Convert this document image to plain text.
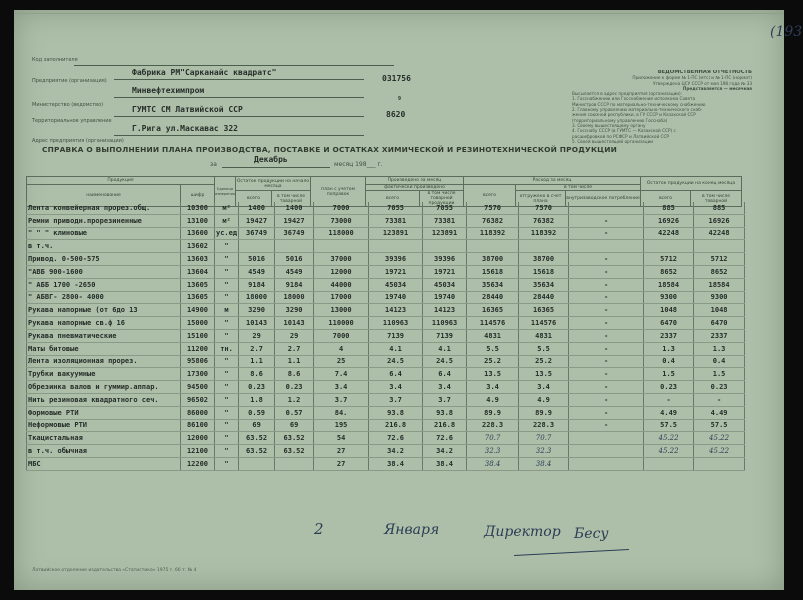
(193
Код заполнителя
Фабрика РМ"Сарканайс квадратс"
Предприятие (организация)	031756
Минвефтехимпром
Министерство (ведомство)	ГУМТС СМ Латвийской ССР
Территориальное управление
9
8620
Г.Рига ул.Маскавас 322
Адрес предприятия (организации)
ВЕДОМСТВЕННАЯ ОТЧЕТНОСТЬ
Приложение к форме № 1-ПС (мтс) и № 1-ПС (нормат)
Утверждена ЦСУ СССР от мая 198 года № 33
Представляется — месячная
Высылается в адрес предприятия (организации):
1. Госснабжению или Госснабжение исполкома Совета
Министров СССР по материально-техническому снабжению
2. Главному управлению материально-технического снаб-
жения союзной республики, в ГУ СССР и Казахской ССР
(территориальному управлению Госснаба)
3. Своему вышестоящему органу
4. Госснабу СССР (в ГУМТС — Казахской ССР) с
расшифровкой по РСФСР и Латвийской ССР
5. Своей вышестоящей организации
СПРАВКА О ВЫПОЛНЕНИИ ПЛАНА ПРОИЗВОДСТВА, ПОСТАВКЕ И ОСТАТКАХ ХИМИЧЕСКОЙ И РЕЗИНОТЕХНИЧЕСКОЙ ПРОДУКЦИИ
за
Декабрь
месяц 198___ г.
Продукция		Единица измерения	Остаток продукции на начало месяца		план с учетом поправок	Произведено за месяц		Расход за месяц			Остаток продукции на конец месяца	
наименование	шифр					фактически произведено		всего	в том числе			
			всего	в том числе товарной		всего	в том числе товарной продукции		отгружено в счет плана	внутризаводское потребление	всего	в том числе товарной
Лента конвейерная прорез.общ.	10300	м²	1400	1400	7000	7055	7055	7570	7570		885	885
Ремни приводн.прорезиненные	13100	м²	19427	19427	73000	73381	73381	76382	76382	-	16926	16926
" " " клиновые	13600	ус.ед	36749	36749	118000	123891	123891	118392	118392	-	42248	42248
в т.ч.	13602	"										
Привод. 0-500-575	13603	"	5016	5016	37000	39396	39396	38700	38700	-	5712	5712
"АВБ 900-1600	13604	"	4549	4549	12000	19721	19721	15618	15618	-	8652	8652
" АББ 1700 -2650	13605	"	9184	9184	44000	45034	45034	35634	35634	-	18584	18584
" АБВГ- 2800- 4000	13605	"	18000	18000	17000	19740	19740	28440	28440	-	9300	9300
Рукава напорные (от 6до 13	14900	м	3290	3290	13000	14123	14123	16365	16365	-	1048	1048
Рукава напорные св.ф 16	15000	"	10143	10143	110000	110963	110963	114576	114576	-	6470	6470
Рукава пневматические	15100	"	29	29	7000	7139	7139	4831	4831	-	2337	2337
Маты битовые	11200	тн.	2.7	2.7	4	4.1	4.1	5.5	5.5	-	1.3	1.3
Лента изоляционная прорез.	95806	"	1.1	1.1	25	24.5	24.5	25.2	25.2	-	0.4	0.4
Трубки вакуумные	17300	"	8.6	8.6	7.4	6.4	6.4	13.5	13.5	-	1.5	1.5
Обрезинка валов и гуммир.аппар.	94500	"	0.23	0.23	3.4	3.4	3.4	3.4	3.4	-	0.23	0.23
Нить резиновая квадратного сеч.	96502	"	1.8	1.2	3.7	3.7	3.7	4.9	4.9	-	-	-
Формовые РТИ	86000	"	0.59	0.57	84.	93.8	93.8	89.9	89.9	-	4.49	4.49
Неформовые РТИ	86100	"	69	69	195	216.8	216.8	228.3	228.3	-	57.5	57.5
Ткацистальная	12000	"	63.52	63.52	54	72.6	72.6	70.7	70.7		45.22	45.22
в т.ч. обычная	12100	"	63.52	63.52	27	34.2	34.2	32.3	32.3		45.22	45.22
МБС	12200	"			27	38.4	38.4	38.4	38.4			
2	Января	Директор Бесу
Латвийское отделение издательства «Статистика» 1975 г. 66 т. № 4
